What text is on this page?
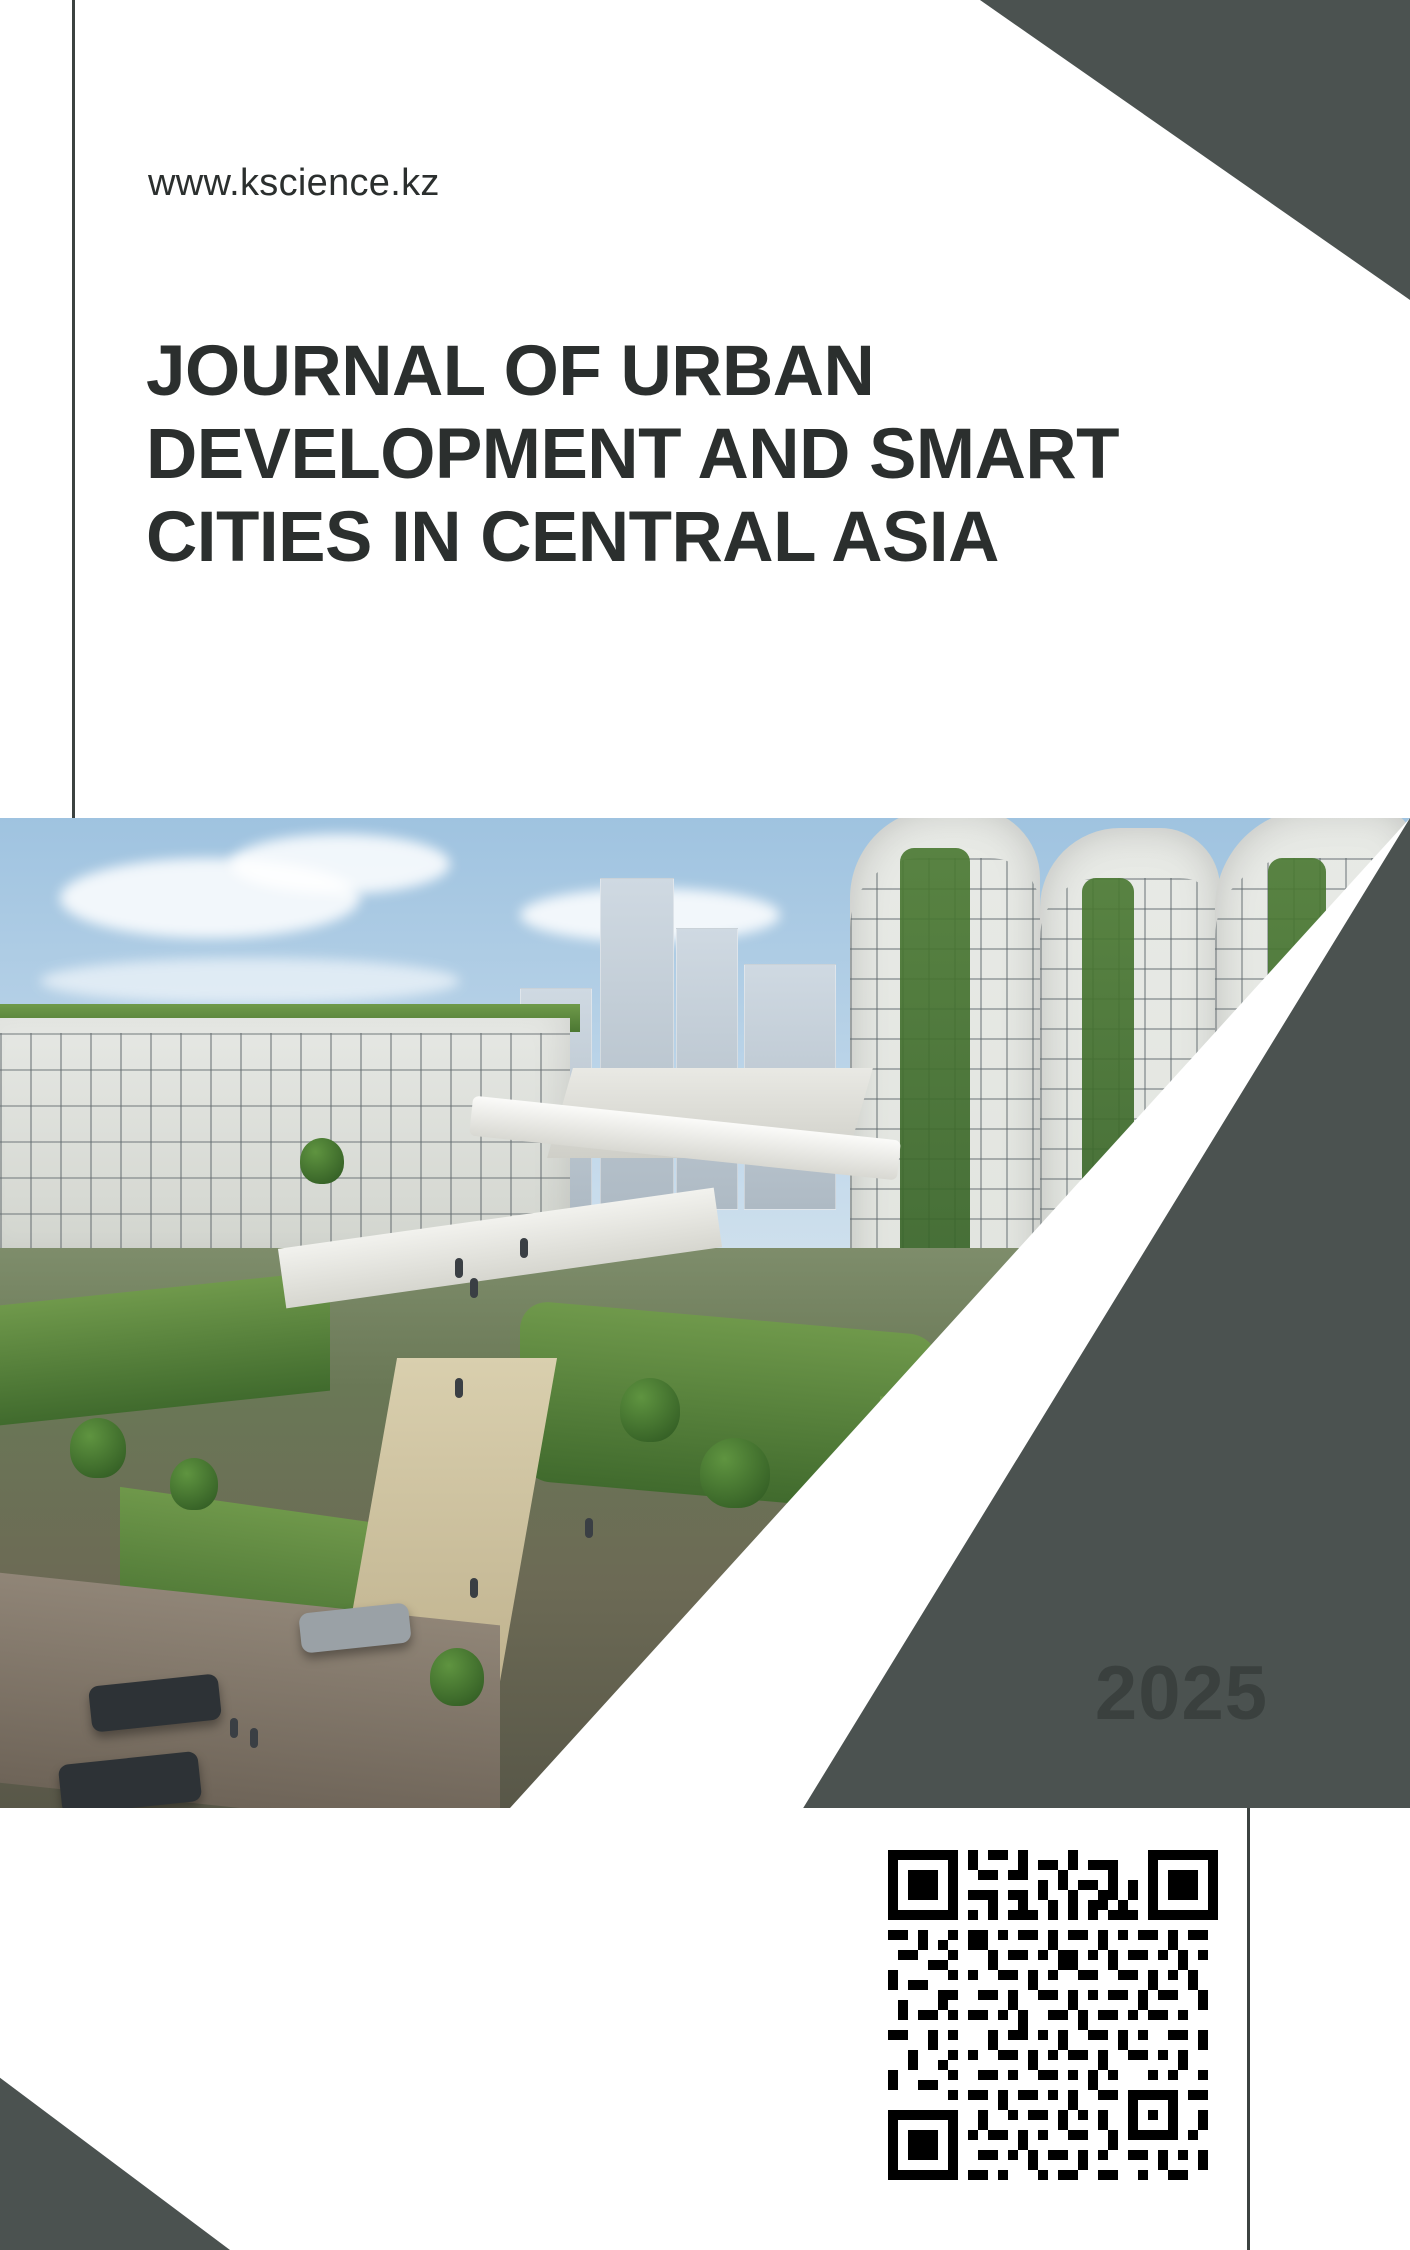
www.kscience.kz
JOURNAL OF URBAN DEVELOPMENT AND SMART CITIES IN CENTRAL ASIA
2025
